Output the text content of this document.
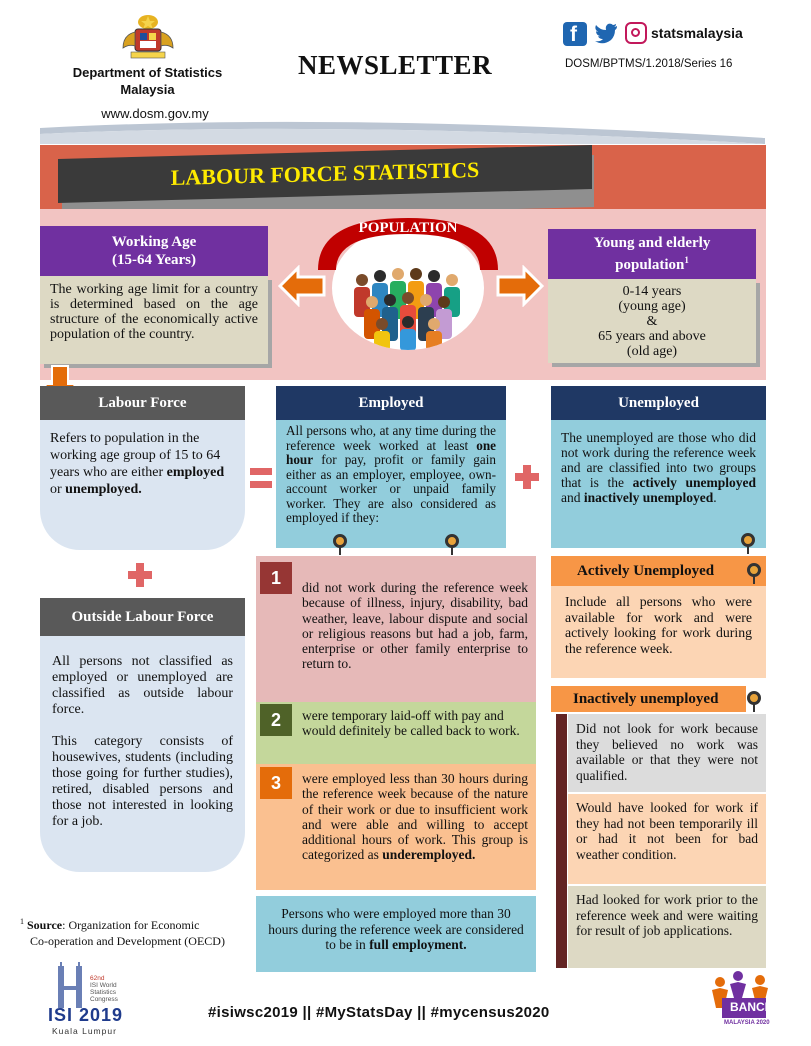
Department of Statistics
Malaysia
www.dosm.gov.my
NEWSLETTER
f	statsmalaysia
DOSM/BPTMS/1.2018/Series 16
LABOUR FORCE STATISTICS
Working Age
(15-64 Years)
The working age limit for a country is determined based on the age structure of the economically active population of the country.
POPULATION
Young and elderly
population$^1$
0-14 years
(young age)
&
65 years and above
(old age)
Labour Force
Refers to population in the working age group of 15 to 64 years who are either employed or unemployed.
Employed
All persons who, at any time during the reference week worked at least one hour for pay, profit or family gain either as an employer, employee, own-account worker or unpaid family worker. They are also considered as employed if they:
Unemployed
The unemployed are those who did not work during the reference week and are classified into two groups that is the actively unemployed and inactively unemployed.
Outside Labour Force
All persons not classified as employed or unemployed are classified as outside labour force.
This category consists of housewives, students (including those going for further studies), retired, disabled persons and those not interested in looking for a job.
1	did not work during the reference week because of illness, injury, disability, bad weather, leave, labour dispute and social or religious reasons but had a job, farm, enterprise or other family enterprise to return to.
2	were temporary laid-off with pay and would definitely be called back to work.
3	were employed less than 30 hours during the reference week because of the nature of their work or due to insufficient work and were able and willing to accept additional hours of work. This group is categorized as underemployed.
Persons who were employed more than 30 hours during the reference week are considered to be in full employment.
Actively Unemployed
Include all persons who were available for work and were actively looking for work during the reference week.
Inactively unemployed
Did not look for work because they believed no work was available or that they were not qualified.
Would have looked for work if they had not been temporarily ill or had it not been for bad weather condition.
Had looked for work prior to the reference week and were waiting for result of job applications.
$^1$ Source: Organization for Economic
Co-operation and Development (OECD)
62nd
ISI World
Statistics
Congress
ISI 2019
Kuala Lumpur
#isiwsc2019 || #MyStatsDay || #mycensus2020	BANCI
MALAYSIA 2020
